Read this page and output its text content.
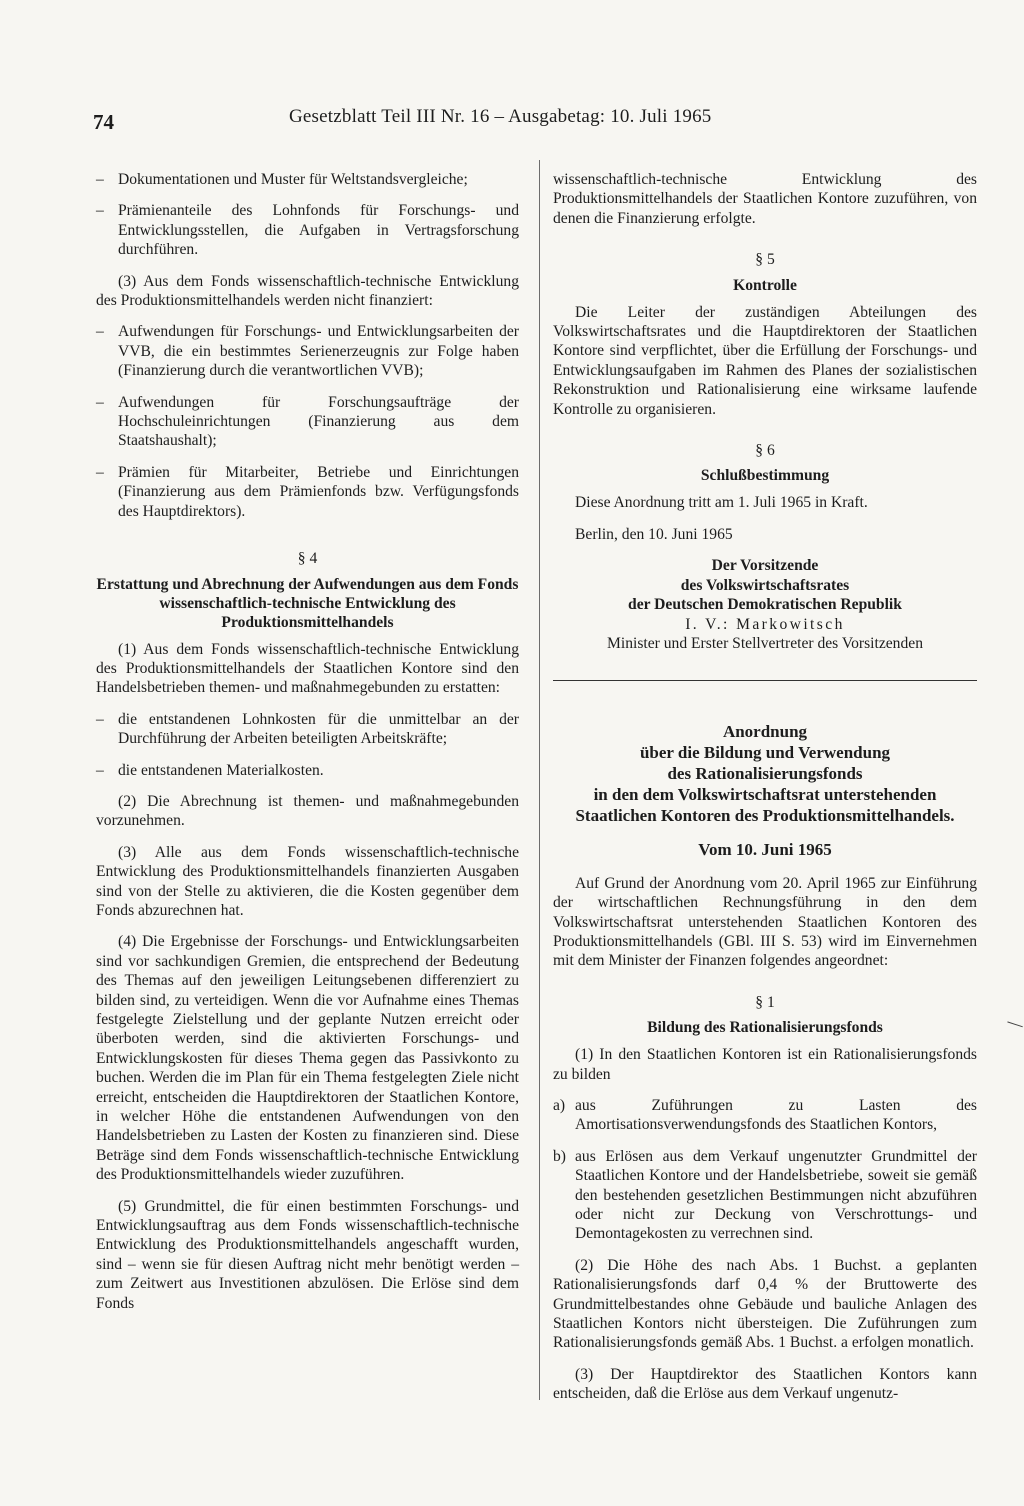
74	Gesetzblatt Teil III Nr. 16 – Ausgabetag: 10. Juli 1965
– Dokumentationen und Muster für Weltstandsvergleiche;
– Prämienanteile des Lohnfonds für Forschungs- und Entwicklungsstellen, die Aufgaben in Vertragsforschung durchführen.

(3) Aus dem Fonds wissenschaftlich-technische Entwicklung des Produktionsmittelhandels werden nicht finanziert:

– Aufwendungen für Forschungs- und Entwicklungsarbeiten der VVB, die ein bestimmtes Serienerzeugnis zur Folge haben (Finanzierung durch die verantwortlichen VVB);
– Aufwendungen für Forschungsaufträge der Hochschuleinrichtungen (Finanzierung aus dem Staatshaushalt);
– Prämien für Mitarbeiter, Betriebe und Einrichtungen (Finanzierung aus dem Prämienfonds bzw. Verfügungsfonds des Hauptdirektors).
§ 4
Erstattung und Abrechnung der Aufwendungen aus dem Fonds wissenschaftlich-technische Entwicklung des Produktionsmittelhandels

(1) Aus dem Fonds wissenschaftlich-technische Entwicklung des Produktionsmittelhandels der Staatlichen Kontore sind den Handelsbetrieben themen- und maßnahmegebunden zu erstatten:

– die entstandenen Lohnkosten für die unmittelbar an der Durchführung der Arbeiten beteiligten Arbeitskräfte;
– die entstandenen Materialkosten.

(2) Die Abrechnung ist themen- und maßnahmegebunden vorzunehmen.

(3) Alle aus dem Fonds wissenschaftlich-technische Entwicklung des Produktionsmittelhandels finanzierten Ausgaben sind von der Stelle zu aktivieren, die die Kosten gegenüber dem Fonds abzurechnen hat.

(4) Die Ergebnisse der Forschungs- und Entwicklungsarbeiten sind vor sachkundigen Gremien, die entsprechend der Bedeutung des Themas auf den jeweiligen Leitungsebenen differenziert zu bilden sind, zu verteidigen. Wenn die vor Aufnahme eines Themas festgelegte Zielstellung und der geplante Nutzen erreicht oder überboten werden, sind die aktivierten Forschungs- und Entwicklungskosten für dieses Thema gegen das Passivkonto zu buchen. Werden die im Plan für ein Thema festgelegten Ziele nicht erreicht, entscheiden die Hauptdirektoren der Staatlichen Kontore, in welcher Höhe die entstandenen Aufwendungen von den Handelsbetrieben zu Lasten der Kosten zu finanzieren sind. Diese Beträge sind dem Fonds wissenschaftlich-technische Entwicklung des Produktionsmittelhandels wieder zuzuführen.

(5) Grundmittel, die für einen bestimmten Forschungs- und Entwicklungsauftrag aus dem Fonds wissenschaftlich-technische Entwicklung des Produktionsmittelhandels angeschafft wurden, sind – wenn sie für diesen Auftrag nicht mehr benötigt werden – zum Zeitwert aus Investitionen abzulösen. Die Erlöse sind dem Fonds

wissenschaftlich-technische Entwicklung des Produktionsmittelhandels der Staatlichen Kontore zuzuführen, von denen die Finanzierung erfolgte.

§ 5
Kontrolle

Die Leiter der zuständigen Abteilungen des Volkswirtschaftsrates und die Hauptdirektoren der Staatlichen Kontore sind verpflichtet, über die Erfüllung der Forschungs- und Entwicklungsaufgaben im Rahmen des Planes der sozialistischen Rekonstruktion und Rationalisierung eine wirksame laufende Kontrolle zu organisieren.

§ 6
Schlußbestimmung

Diese Anordnung tritt am 1. Juli 1965 in Kraft.

Berlin, den 10. Juni 1965

Der Vorsitzende
des Volkswirtschaftsrates
der Deutschen Demokratischen Republik
I. V.: Markowitsch
Minister und Erster Stellvertreter des Vorsitzenden
Anordnung
über die Bildung und Verwendung
des Rationalisierungsfonds
in den dem Volkswirtschaftsrat unterstehenden
Staatlichen Kontoren des Produktionsmittelhandels.
Vom 10. Juni 1965

Auf Grund der Anordnung vom 20. April 1965 zur Einführung der wirtschaftlichen Rechnungsführung in den dem Volkswirtschaftsrat unterstehenden Staatlichen Kontoren des Produktionsmittelhandels (GBl. III S. 53) wird im Einvernehmen mit dem Minister der Finanzen folgendes angeordnet:

§ 1
Bildung des Rationalisierungsfonds

(1) In den Staatlichen Kontoren ist ein Rationalisierungsfonds zu bilden

a) aus Zuführungen zu Lasten des Amortisationsverwendungsfonds des Staatlichen Kontors,
b) aus Erlösen aus dem Verkauf ungenutzter Grundmittel der Staatlichen Kontore und der Handelsbetriebe, soweit sie gemäß den bestehenden gesetzlichen Bestimmungen nicht abzuführen oder nicht zur Deckung von Verschrottungs- und Demontagekosten zu verrechnen sind.

(2) Die Höhe des nach Abs. 1 Buchst. a geplanten Rationalisierungsfonds darf 0,4 % der Bruttowerte des Grundmittelbestandes ohne Gebäude und bauliche Anlagen des Staatlichen Kontors nicht übersteigen. Die Zuführungen zum Rationalisierungsfonds gemäß Abs. 1 Buchst. a erfolgen monatlich.

(3) Der Hauptdirektor des Staatlichen Kontors kann entscheiden, daß die Erlöse aus dem Verkauf ungenutz-
